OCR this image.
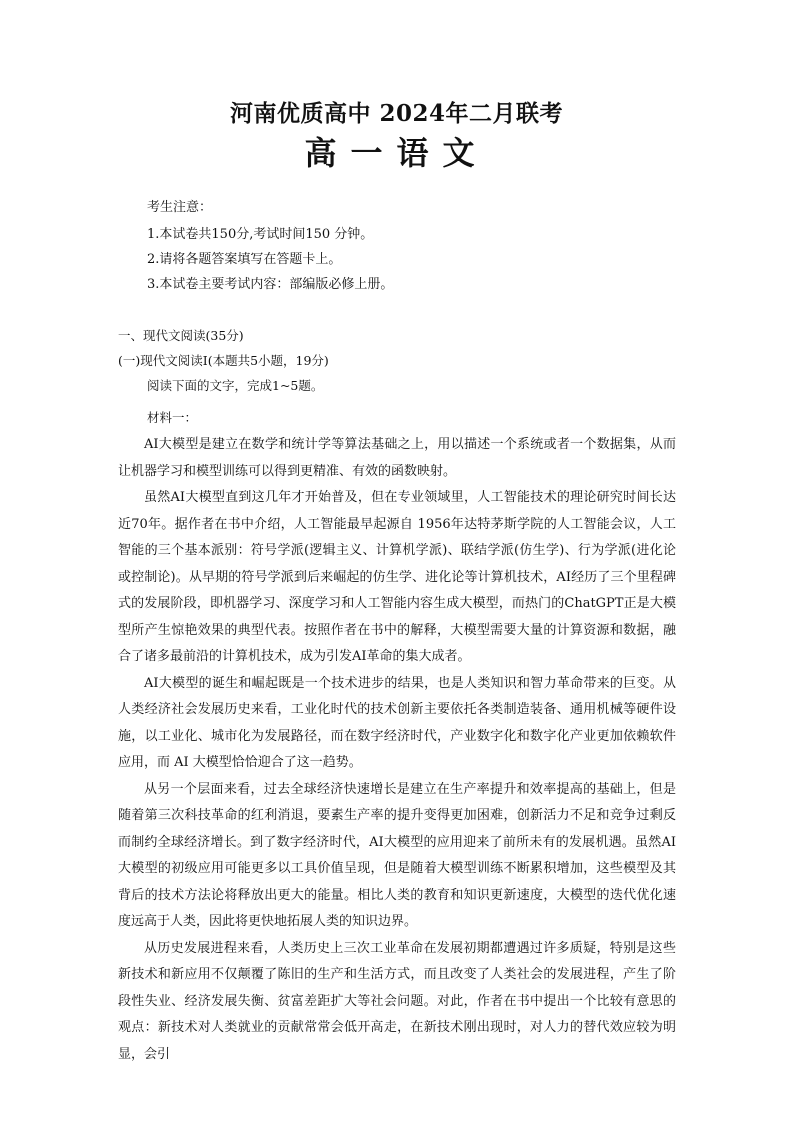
河南优质高中 2024年二月联考
高一语文
考生注意：
1.本试卷共150分,考试时间150 分钟。
2.请将各题答案填写在答题卡上。
3.本试卷主要考试内容：部编版必修上册。
一、现代文阅读(35分)
(一)现代文阅读Ⅰ(本题共5小题，19分)
阅读下面的文字，完成1~5题。
材料一：

AI大模型是建立在数学和统计学等算法基础之上，用以描述一个系统或者一个数据集，从而让机器学习和模型训练可以得到更精准、有效的函数映射。

虽然AI大模型直到这几年才开始普及，但在专业领域里，人工智能技术的理论研究时间长达近70年。据作者在书中介绍，人工智能最早起源自 1956年达特茅斯学院的人工智能会议，人工智能的三个基本派别：符号学派(逻辑主义、计算机学派)、联结学派(仿生学)、行为学派(进化论或控制论)。从早期的符号学派到后来崛起的仿生学、进化论等计算机技术，AI经历了三个里程碑式的发展阶段，即机器学习、深度学习和人工智能内容生成大模型，而热门的ChatGPT正是大模型所产生惊艳效果的典型代表。按照作者在书中的解释，大模型需要大量的计算资源和数据，融合了诸多最前沿的计算机技术，成为引发AI革命的集大成者。

AI大模型的诞生和崛起既是一个技术进步的结果，也是人类知识和智力革命带来的巨变。从人类经济社会发展历史来看，工业化时代的技术创新主要依托各类制造装备、通用机械等硬件设施，以工业化、城市化为发展路径，而在数字经济时代，产业数字化和数字化产业更加依赖软件应用，而 AI 大模型恰恰迎合了这一趋势。

从另一个层面来看，过去全球经济快速增长是建立在生产率提升和效率提高的基础上，但是随着第三次科技革命的红利消退，要素生产率的提升变得更加困难，创新活力不足和竞争过剩反而制约全球经济增长。到了数字经济时代，AI大模型的应用迎来了前所未有的发展机遇。虽然AI大模型的初级应用可能更多以工具价值呈现，但是随着大模型训练不断累积增加，这些模型及其背后的技术方法论将释放出更大的能量。相比人类的教育和知识更新速度，大模型的迭代优化速度远高于人类，因此将更快地拓展人类的知识边界。

从历史发展进程来看，人类历史上三次工业革命在发展初期都遭遇过许多质疑，特别是这些新技术和新应用不仅颠覆了陈旧的生产和生活方式，而且改变了人类社会的发展进程，产生了阶段性失业、经济发展失衡、贫富差距扩大等社会问题。对此，作者在书中提出一个比较有意思的观点：新技术对人类就业的贡献常常会低开高走，在新技术刚出现时，对人力的替代效应较为明显，会引
